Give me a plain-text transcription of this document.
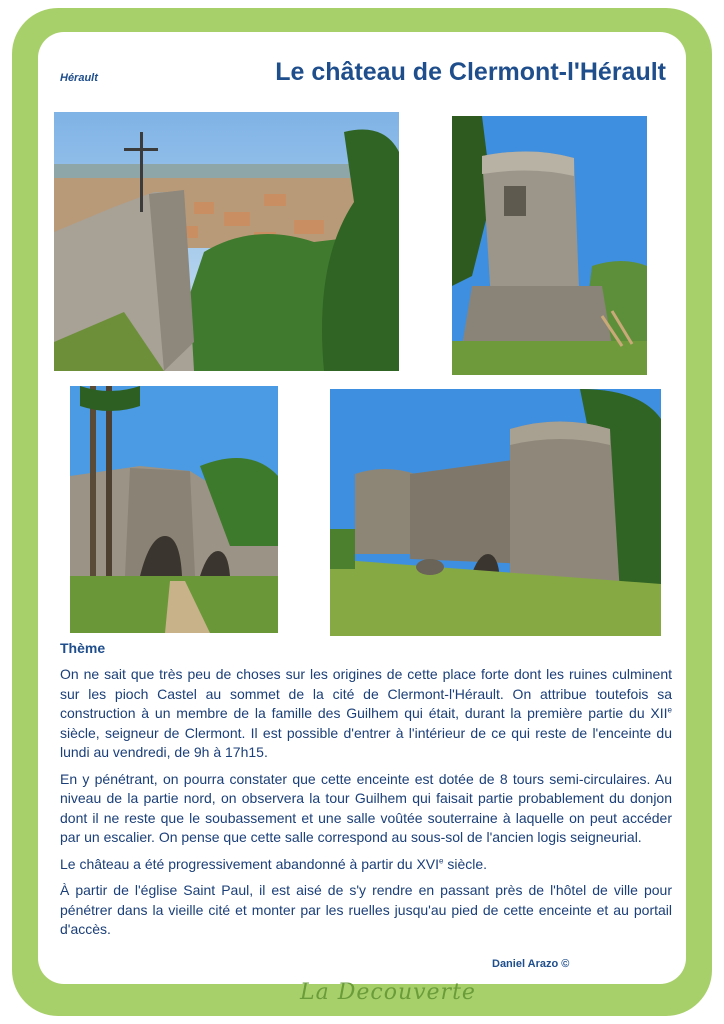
Hérault	Le château de Clermont-l'Hérault
Thème

On ne sait que très peu de choses sur les origines de cette place forte dont les ruines culminent sur les pioch Castel au sommet de la cité de Clermont-l'Hérault. On attribue toutefois sa construction à un membre de la famille des Guilhem qui était, durant la première partie du XIIe siècle, seigneur de Clermont. Il est possible d'entrer à l'intérieur de ce qui reste de l'enceinte du lundi au vendredi, de 9h à 17h15.

En y pénétrant, on pourra constater que cette enceinte est dotée de 8 tours semi-circulaires. Au niveau de la partie nord, on observera la tour Guilhem qui faisait partie probablement du donjon dont il ne reste que le soubassement et une salle voûtée souterraine à laquelle on peut accéder par un escalier. On pense que cette salle correspond au sous-sol de l'ancien logis seigneurial.

Le château a été progressivement abandonné à partir du XVIe siècle.

À partir de l'église Saint Paul, il est aisé de s'y rendre en passant près de l'hôtel de ville pour pénétrer dans la vieille cité et monter par les ruelles jusqu'au pied de cette enceinte et au portail d'accès.

Daniel Arazo ©
La Decouverte
